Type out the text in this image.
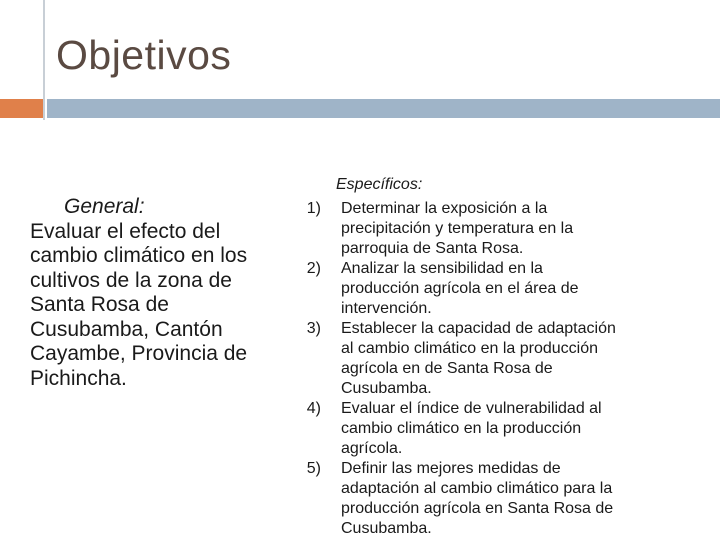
Objetivos
General:
Evaluar el efecto del
cambio climático en los
cultivos de la zona de
Santa Rosa de
Cusubamba, Cantón
Cayambe, Provincia de
Pichincha.
Específicos:
1) Determinar la exposición a la
precipitación y temperatura en la
parroquia de Santa Rosa.
2) Analizar la sensibilidad en la
producción agrícola en el área de
intervención.
3) Establecer la capacidad de adaptación
al cambio climático en la producción
agrícola en de Santa Rosa de
Cusubamba.
4) Evaluar el índice de vulnerabilidad al
cambio climático en la producción
agrícola.
5) Definir las mejores medidas de
adaptación al cambio climático para la
producción agrícola en Santa Rosa de
Cusubamba.
